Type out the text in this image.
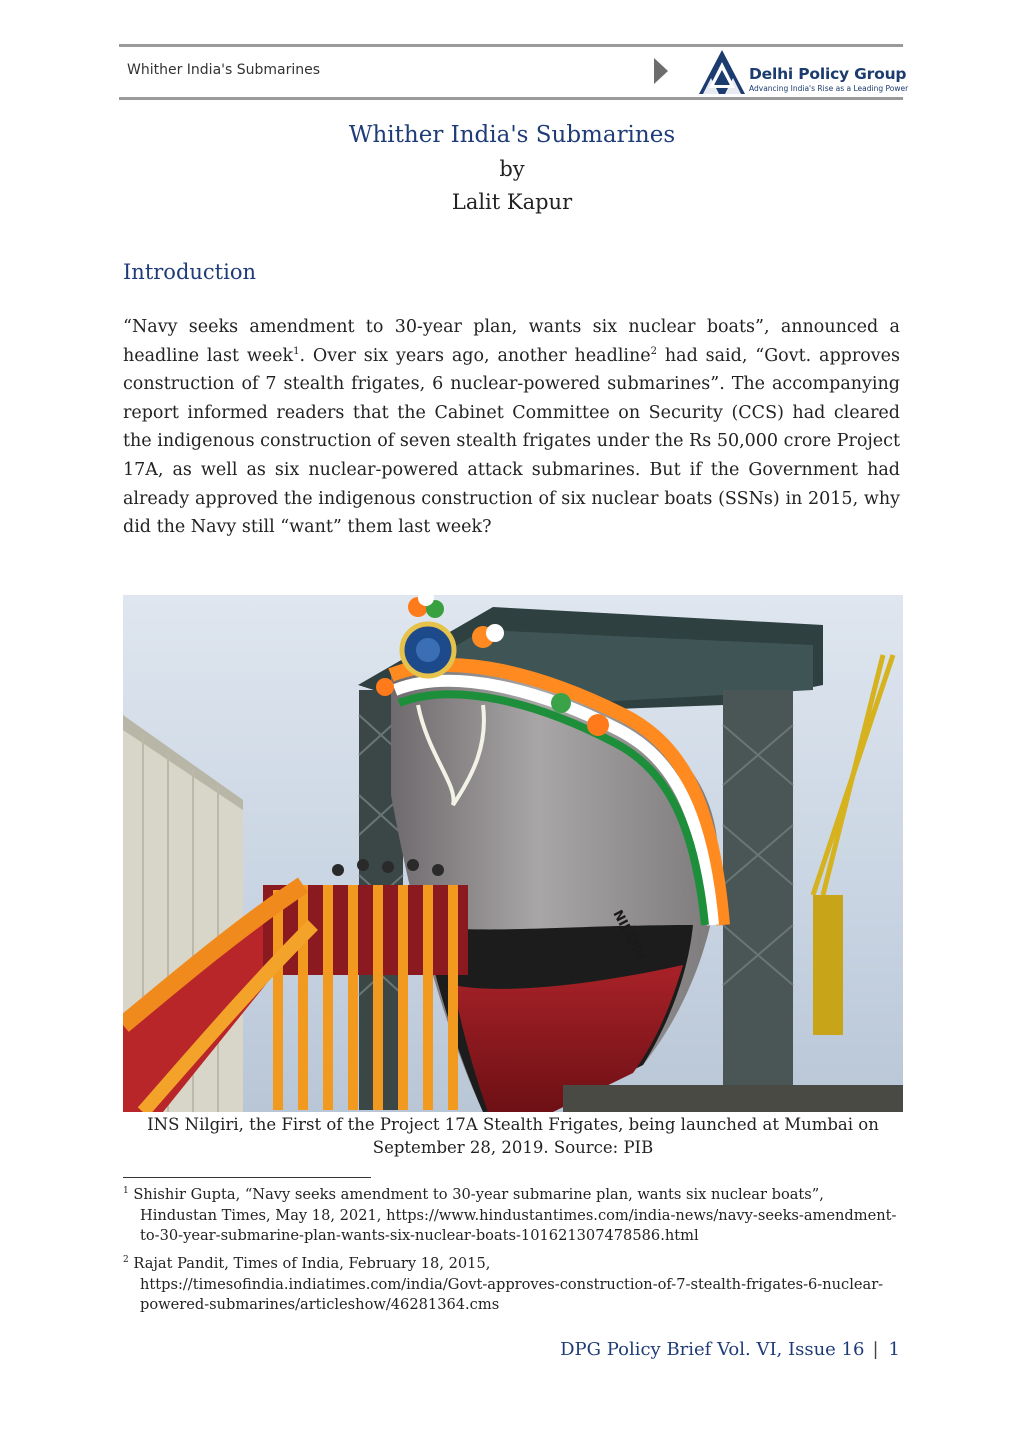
Whither India's Submarines	Delhi Policy Group
Advancing India's Rise as a Leading Power
Whither India's Submarines
by
Lalit Kapur
Introduction

“Navy seeks amendment to 30-year plan, wants six nuclear boats”, announced a headline last week$^1$. Over six years ago, another headline$^2$ had said, “Govt. approves construction of 7 stealth frigates, 6 nuclear-powered submarines”. The accompanying report informed readers that the Cabinet Committee on Security (CCS) had cleared the indigenous construction of seven stealth frigates under the Rs 50,000 crore Project 17A, as well as six nuclear-powered attack submarines. But if the Government had already approved the indigenous construction of six nuclear boats (SSNs) in 2015, why did the Navy still “want” them last week?

NILGIRI
INS Nilgiri, the First of the Project 17A Stealth Frigates, being launched at Mumbai on September 28, 2019. Source: PIB
$^1$ Shishir Gupta, “Navy seeks amendment to 30-year submarine plan, wants six nuclear boats”,
Hindustan Times, May 18, 2021, https://www.hindustantimes.com/india-news/navy-seeks-amendment-to-30-year-submarine-plan-wants-six-nuclear-boats-101621307478586.html
$^2$ Rajat Pandit, Times of India, February 18, 2015,
https://timesofindia.indiatimes.com/india/Govt-approves-construction-of-7-stealth-frigates-6-nuclear-powered-submarines/articleshow/46281364.cms
DPG Policy Brief Vol. VI, Issue 16 | 1
